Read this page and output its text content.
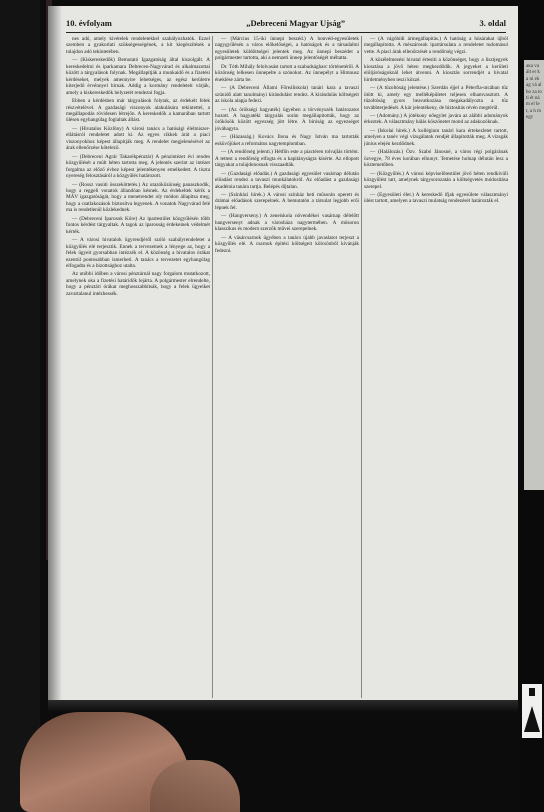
10. évfolyam	„Debreceni Magyar Ujság”	3. oldal

nes adó, amely kivételek rendeletekkel szabályozhatók. Ezzel szemben a gyakorlati szükségességének, a kit kiegészítések a tulajdon adó tekintetében.

— (Kiskereskedők) Bemutató Igazgatóság által kiszolgált. A kereskedelmi és iparkamara Debrecen-Nagyvárad és alkalmazottai között a tárgyalások folynak. Megállapítják a munkaidő és a fizetési kérdéseket, melyek amennyire lehetséges, az egész kerületre kiterjedő érvénnyel bírnak. Addig a kormány rendeleteit várják, amely a kiskereskedők helyzetét rendezni fogja.

Ebben a kérdésben már tárgyalások folytak, az érdekelt felek részvételével. A gazdasági viszonyok alakulására tekintettel, a megállapodás rövidesen létrejön. A kereskedők a kamarában tartott ülésen egyhangúlag foglaltak állást.

— (Hivatalos Közlöny) A városi tanács a hatósági élelmiszer-ellátásról rendeletet adott ki. Az egyes cikkek árát a piaci viszonyokhoz képest állapítják meg. A rendelet megjelenésével az árak ellenőrzése kötelező.

— (Debreceni Agrár Takarékpénztár) A pénzintézet évi rendes közgyűlését a múlt héten tartotta meg. A jelentés szerint az intézet forgalma az előző évhez képest jelentékenyen emelkedett. A tiszta nyereség felosztásáról a közgyűlés határozott.

— (Rossz vasúti összeköttetés.) Az utazóközönség panaszkodik, hogy a reggeli vonatok állandóan késnek. Az érdekeltek kérik a MÁV igazgatóságát, hogy a menetrendet oly módon állapítsa meg, hogy a csatlakozások biztosítva legyenek. A vonatok Nagyvárad felé ma is rendetlenül közlekednek.

— (Debreceni Iparosok Köre) Az ipartestület közgyűlésén több fontos kérdést tárgyaltak. A tagok az iparosság érdekeinek védelmét kérték.

— A városi hivatalok ügyrendjéről szóló szabályrendeletet a közgyűlés elé terjesztik. Ennek a tervezetnek a lényege az, hogy a felek ügyeit gyorsabban intézzék el. A közönség a hivatalos órákat ezentúl pontosabban ismerheti. A tanács a tervezetet egyhangúlag elfogadta és a bizottsághoz utalta.

Az utóbbi időben a városi pénztárnál nagy forgalom mutatkozott, amelynek oka a fizetési határidők lejárta. A polgármester elrendelte, hogy a pénztári órákat meghosszabbítsák, hogy a felek ügyeiket zavartalanul intézhessék.

— (Március 15-iki ünnepi beszéd.) A honvéd-egyesületek nagygyűlésén a város előkelőségei, a hatóságok és a társadalmi egyesületek küldöttségei jelentek meg. Az ünnepi beszédet a polgármester tartotta, aki a nemzeti ünnep jelentőségét méltatta.

Dr. Tóth Mihály felolvasást tartott a szabadságharc történetéről. A közönség lelkesen ünnepelte a szónokot. Az ünnepélyt a Himnusz éneklése zárta be.

— (A Debreceni Állami Főreáliskola) tanári kara a tavaszi szünidő alatt tanulmányi kirándulást rendez. A kirándulás költségeit az iskola alapja fedezi.

— (Az örökségi hagyaték) ügyében a törvényszék határozatot hozott. A hagyatéki tárgyalás során megállapították, hogy az örökösök között egyezség jött létre. A bíróság az egyezséget jóváhagyta.

— (Házasság.) Kovács Ilona és Nagy István ma tartották esküvőjüket a református nagytemplomban.

— (A rendőrség jelenti.) Hétfőn este a piactéren tolvajlás történt. A tettest a rendőrség elfogta és a kapitányságra kísérte. Az ellopott tárgyakat a tulajdonosnak visszaadták.

— (Gazdasági előadás.) A gazdasági egyesület vasárnap délután előadást rendez a tavaszi munkálatokról. Az előadást a gazdasági akadémia tanára tartja. Belépés díjtalan.

— (Színházi hírek.) A városi színház heti műsorán operett és drámai előadások szerepelnek. A bemutatón a társulat legjobb erői lépnek fel.

— (Hangverseny.) A zeneiskola növendékei vasárnap délelőtt hangversenyt adnak a városháza nagytermében. A műsoron klasszikus és modern szerzők művei szerepelnek.

— A vásárcsarnok ügyében a tanács újabb javaslatot terjeszt a közgyűlés elé. A csarnok építési költségeit kölcsönből kívánják fedezni.

— (A vágóhídi ármegállapítás.) A hatóság a húsárakat újból megállapította. A mészárosok ipartársulata a rendeletet tudomásul vette. A piaci árak ellenőrzését a rendőrség végzi.

A közélelmezési hivatal értesíti a közönséget, hogy a lisztjegyek kiosztása a jövő héten megkezdődik. A jegyeket a kerületi elöljáróságoknál lehet átvenni. A kiosztás sorrendjét a hivatal hirdetményben teszi közzé.

— (A tűzoltóság jelentése.) Szerdán éjjel a Péterfia-utcában tűz ütött ki, amely egy melléképületet teljesen elhamvasztott. A tűzoltóság gyors beavatkozása megakadályozta a tűz továbbterjedését. A kár jelentékeny, de biztosítás révén megtérül.

— (Adomány.) A jótékony nőegylet javára az alábbi adományok érkeztek. A választmány hálás köszönetet mond az adakozóknak.

— (Iskolai hírek.) A kollégium tanári kara értekezletet tartott, amelyen a tanév végi vizsgálatok rendjét állapították meg. A vizsgák június elején kezdődnek.

— (Halálozás.) Özv. Szabó Jánosné, a város régi polgárának özvegye, 78 éves korában elhunyt. Temetése holnap délután lesz a köztemetőben.

— (Közgyűlés.) A városi képviselőtestület jövő héten rendkívüli közgyűlést tart, amelynek tárgysorozatán a költségvetés módosítása szerepel.

— (Egyesületi élet.) A kereskedő ifjak egyesülete választmányi ülést tartott, amelyen a tavaszi mulatság rendezését határozták el.

aka vá ált er k a ni ek ag vá al ho za to ti ét ná m el le t, a h m egy
